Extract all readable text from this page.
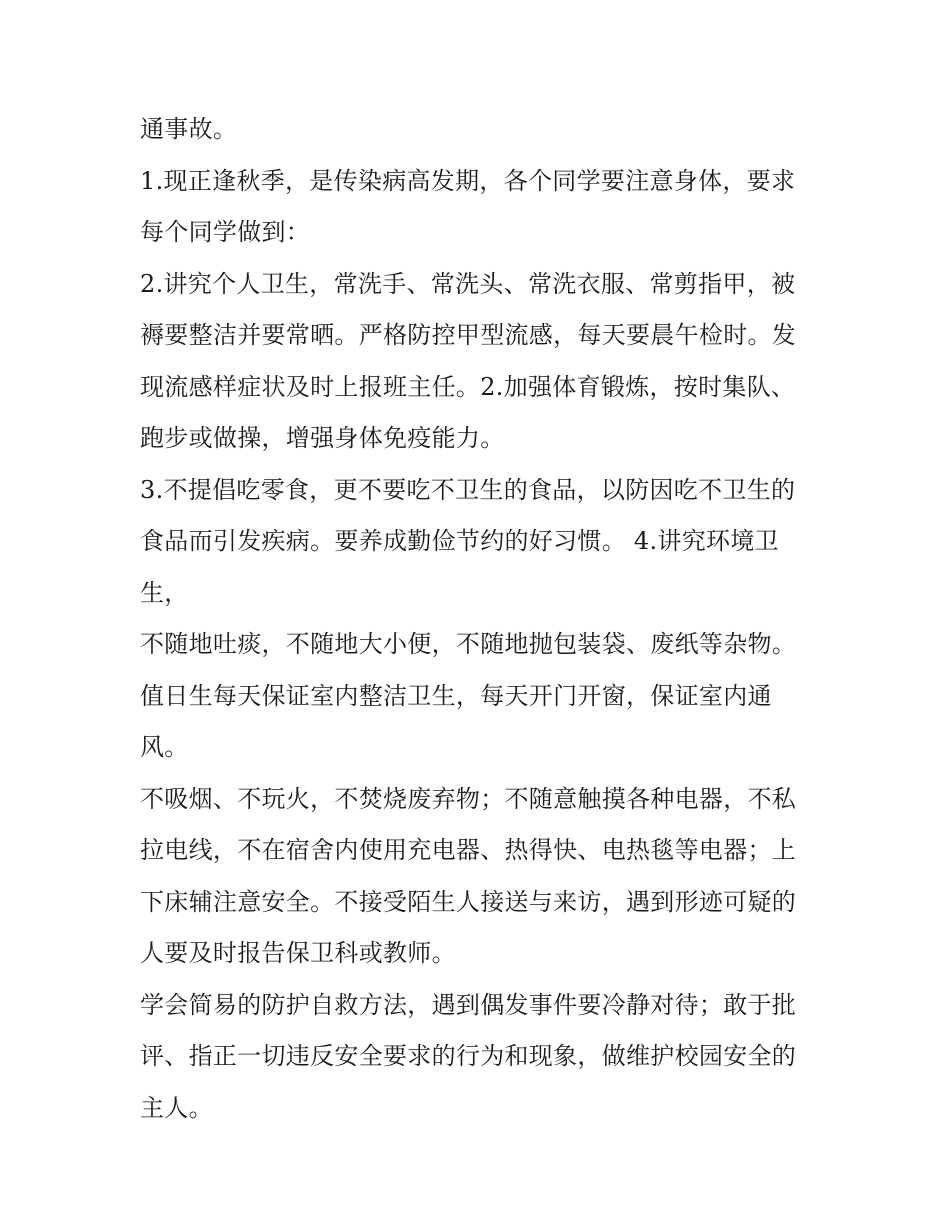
通事故。
1.现正逢秋季，是传染病高发期，各个同学要注意身体，要求
每个同学做到：
2.讲究个人卫生，常洗手、常洗头、常洗衣服、常剪指甲，被
褥要整洁并要常晒。严格防控甲型流感，每天要晨午检时。发
现流感样症状及时上报班主任。2.加强体育锻炼，按时集队、
跑步或做操，增强身体免疫能力。
3.不提倡吃零食，更不要吃不卫生的食品，以防因吃不卫生的
食品而引发疾病。要养成勤俭节约的好习惯。 4.讲究环境卫
生，
不随地吐痰，不随地大小便，不随地抛包装袋、废纸等杂物。
值日生每天保证室内整洁卫生，每天开门开窗，保证室内通
风。
不吸烟、不玩火，不焚烧废弃物；不随意触摸各种电器，不私
拉电线，不在宿舍内使用充电器、热得快、电热毯等电器；上
下床辅注意安全。不接受陌生人接送与来访，遇到形迹可疑的
人要及时报告保卫科或教师。
学会简易的防护自救方法，遇到偶发事件要冷静对待；敢于批
评、指正一切违反安全要求的行为和现象，做维护校园安全的
主人。
